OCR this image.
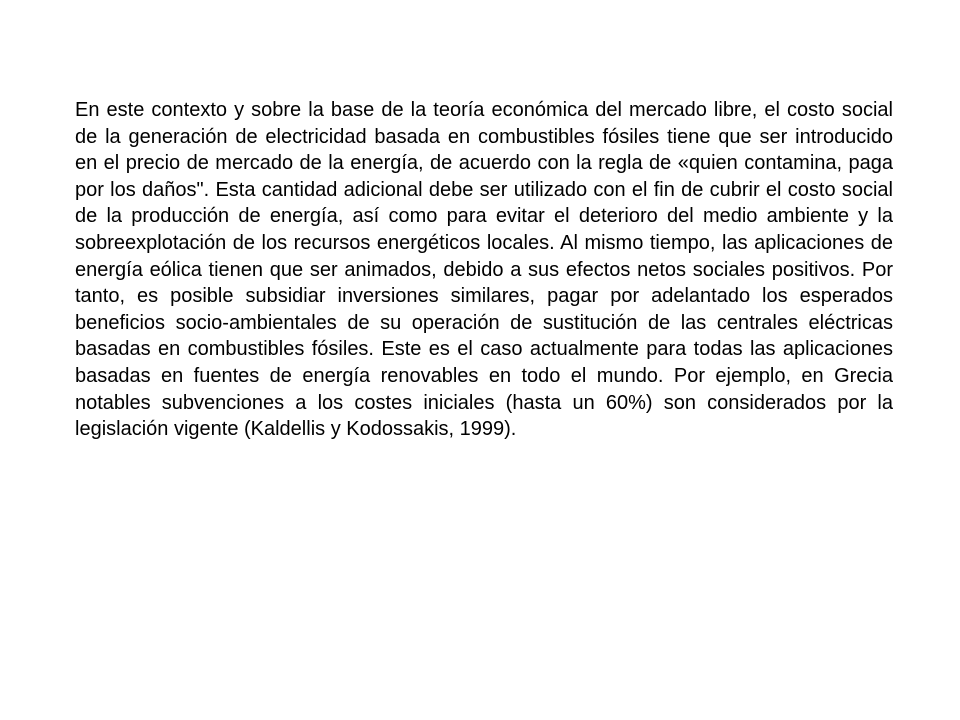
En este contexto y sobre la base de la teoría económica del mercado libre, el costo social de la generación de electricidad basada en combustibles fósiles tiene que ser introducido en el precio de mercado de la energía, de acuerdo con la regla de «quien contamina, paga por los daños". Esta cantidad adicional debe ser utilizado con el fin de cubrir el costo social de la producción de energía, así como para evitar el deterioro del medio ambiente y la sobreexplotación de los recursos energéticos locales. Al mismo tiempo, las aplicaciones de energía eólica tienen que ser animados, debido a sus efectos netos sociales positivos. Por tanto, es posible subsidiar inversiones similares, pagar por adelantado los esperados beneficios socio-ambientales de su operación de sustitución de las centrales eléctricas basadas en combustibles fósiles. Este es el caso actualmente para todas las aplicaciones basadas en fuentes de energía renovables en todo el mundo. Por ejemplo, en Grecia notables subvenciones a los costes iniciales (hasta un 60%) son considerados por la legislación vigente (Kaldellis y Kodossakis, 1999).
